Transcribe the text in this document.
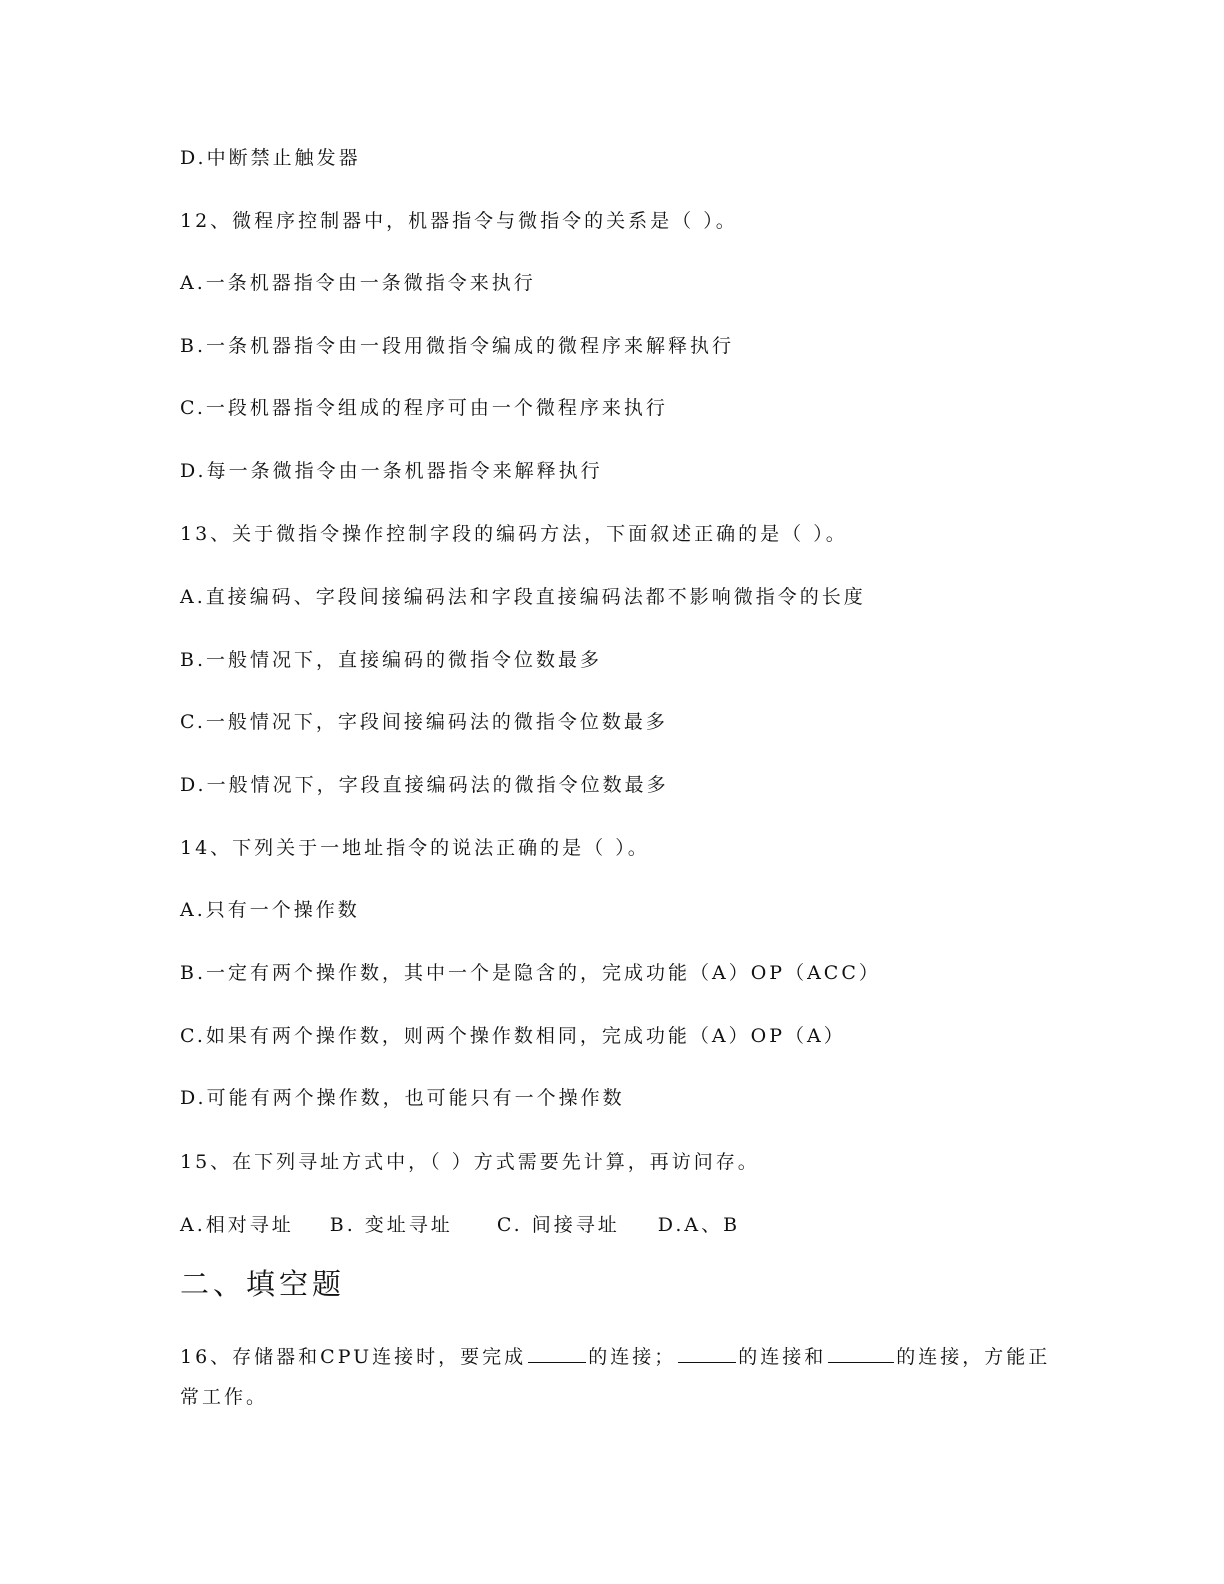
D.中断禁止触发器
12、微程序控制器中，机器指令与微指令的关系是（ ）。
A.一条机器指令由一条微指令来执行
B.一条机器指令由一段用微指令编成的微程序来解释执行
C.一段机器指令组成的程序可由一个微程序来执行
D.每一条微指令由一条机器指令来解释执行
13、关于微指令操作控制字段的编码方法，下面叙述正确的是（ ）。
A.直接编码、字段间接编码法和字段直接编码法都不影响微指令的长度
B.一般情况下，直接编码的微指令位数最多
C.一般情况下，字段间接编码法的微指令位数最多
D.一般情况下，字段直接编码法的微指令位数最多
14、下列关于一地址指令的说法正确的是（ ）。
A.只有一个操作数
B.一定有两个操作数，其中一个是隐含的，完成功能（A）OP（ACC）
C.如果有两个操作数，则两个操作数相同，完成功能（A）OP（A）
D.可能有两个操作数，也可能只有一个操作数
15、在下列寻址方式中，（ ）方式需要先计算，再访问存。
A.相对寻址 B. 变址寻址 C. 间接寻址 D.A、B
二、填空题
16、存储器和CPU连接时，要完成	的连接；	的连接和	的连接，方能正
常工作。
